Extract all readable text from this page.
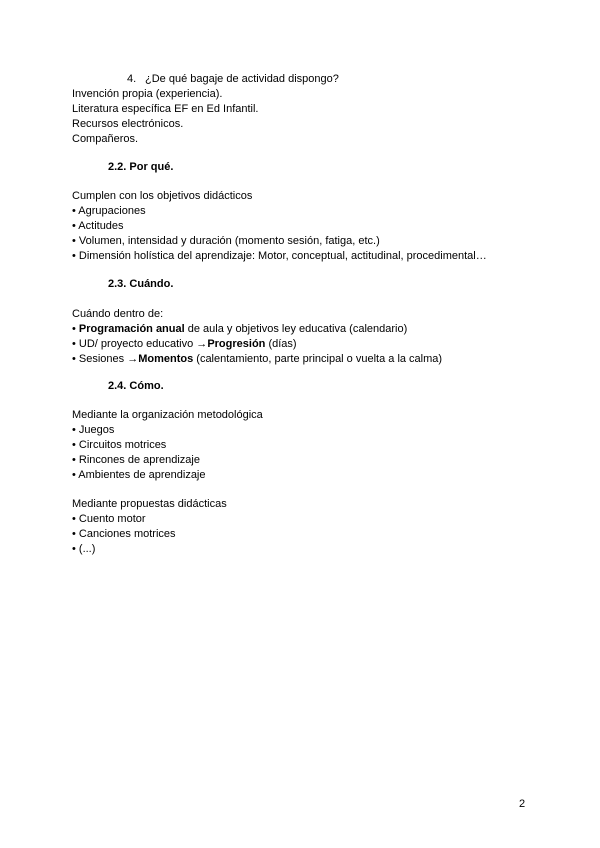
4. ¿De qué bagaje de actividad dispongo?
Invención propia (experiencia).
Literatura específica EF en Ed Infantil.
Recursos electrónicos.
Compañeros.
2.2. Por qué.
Cumplen con los objetivos didácticos
• Agrupaciones
• Actitudes
• Volumen, intensidad y duración (momento sesión, fatiga, etc.)
• Dimensión holística del aprendizaje: Motor, conceptual, actitudinal, procedimental…
2.3. Cuándo.
Cuándo dentro de:
• Programación anual de aula y objetivos ley educativa (calendario)
• UD/ proyecto educativo →Progresión (días)
• Sesiones →Momentos (calentamiento, parte principal o vuelta a la calma)
2.4. Cómo.
Mediante la organización metodológica
• Juegos
• Circuitos motrices
• Rincones de aprendizaje
• Ambientes de aprendizaje
Mediante propuestas didácticas
• Cuento motor
• Canciones motrices
• (...)
2
